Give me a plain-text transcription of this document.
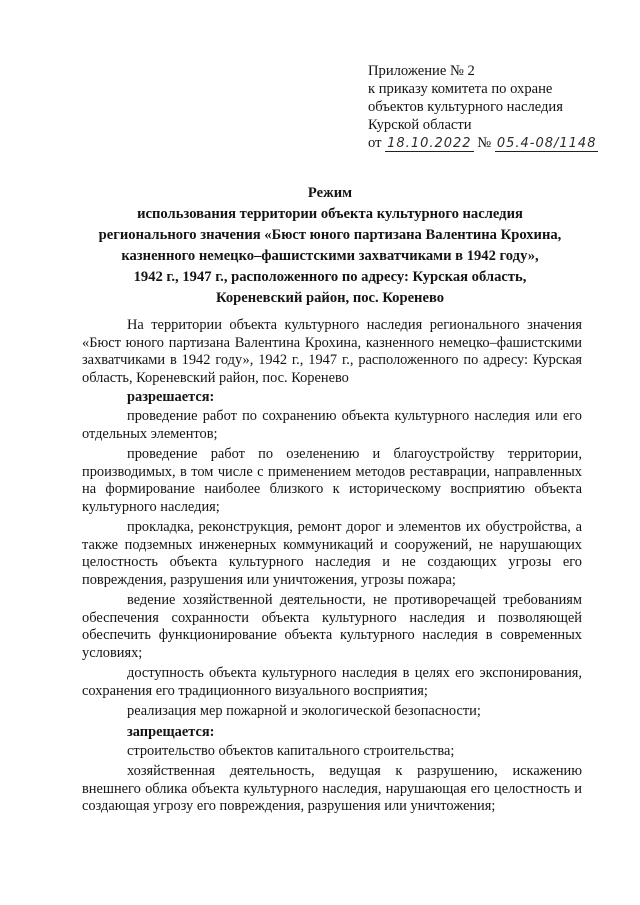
Приложение № 2
к приказу комитета по охране
объектов культурного наследия
Курской области
от 18.10.2022 № 05.4-08/1148
Режим
использования территории объекта культурного наследия
регионального значения «Бюст юного партизана Валентина Крохина,
казненного немецко–фашистскими захватчиками в 1942 году»,
1942 г., 1947 г., расположенного по адресу: Курская область,
Кореневский район, пос. Коренево
На территории объекта культурного наследия регионального значения «Бюст юного партизана Валентина Крохина, казненного немецко–фашистскими захватчиками в 1942 году», 1942 г., 1947 г., расположенного по адресу: Курская область, Кореневский район, пос. Коренево
разрешается:
проведение работ по сохранению объекта культурного наследия или его отдельных элементов;
проведение работ по озеленению и благоустройству территории, производимых, в том числе с применением методов реставрации, направленных на формирование наиболее близкого к историческому восприятию объекта культурного наследия;
прокладка, реконструкция, ремонт дорог и элементов их обустройства, а также подземных инженерных коммуникаций и сооружений, не нарушающих целостность объекта культурного наследия и не создающих угрозы его повреждения, разрушения или уничтожения, угрозы пожара;
ведение хозяйственной деятельности, не противоречащей требованиям обеспечения сохранности объекта культурного наследия и позволяющей обеспечить функционирование объекта культурного наследия в современных условиях;
доступность объекта культурного наследия в целях его экспонирования, сохранения его традиционного визуального восприятия;
реализация мер пожарной и экологической безопасности;
запрещается:
строительство объектов капитального строительства;
хозяйственная деятельность, ведущая к разрушению, искажению внешнего облика объекта культурного наследия, нарушающая его целостность и создающая угрозу его повреждения, разрушения или уничтожения;
